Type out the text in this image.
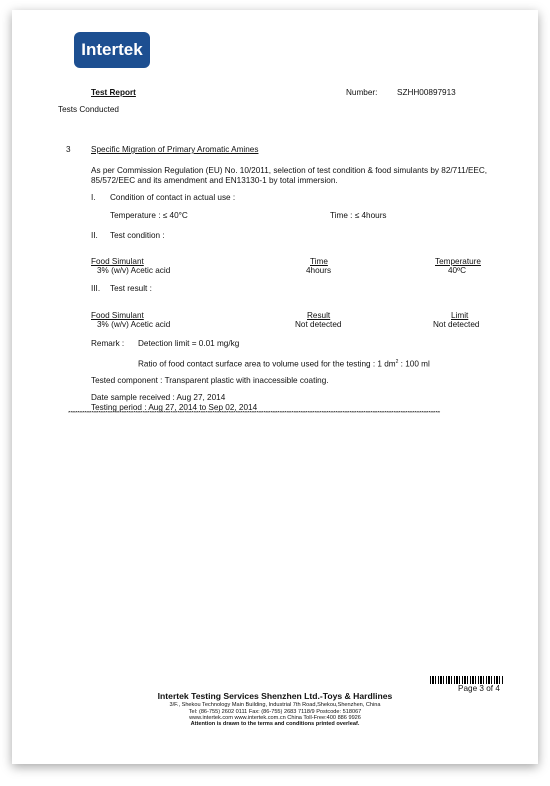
Intertek
Test Report	Number: SZHH00897913
Tests Conducted
3 Specific Migration of Primary Aromatic Amines
As per Commission Regulation (EU) No. 10/2011, selection of test condition & food simulants by 82/711/EEC,
85/572/EEC and its amendment and EN13130-1 by total immersion.
I. Condition of contact in actual use :
Temperature : ≤ 40°C	Time : ≤ 4hours
II. Test condition :
Food Simulant	Time	Temperature
3% (w/v) Acetic acid	4hours	40ºC
III. Test result :
Food Simulant	Result	Limit
3% (w/v) Acetic acid	Not detected	Not detected
Remark : Detection limit = 0.01 mg/kg
Ratio of food contact surface area to volume used for the testing : 1 $dm^2$ : 100 ml
Tested component : Transparent plastic with inaccessible coating.
Date sample received : Aug 27, 2014
Testing period : Aug 27, 2014 to Sep 02, 2014
****************************************************************************************************************************************************************
Page 3 of 4
Intertek Testing Services Shenzhen Ltd.-Toys & Hardlines
3/F., Shekou Technology Main Building, Industrial 7th Road,Shekou,Shenzhen, China
Tel: (86-755) 2602 0111 Fax: (86-755) 2683 7118/9 Postcode: 518067
www.intertek.com www.intertek.com.cn China Toll-Free:400 886 9926
Attention is drawn to the terms and conditions printed overleaf.
